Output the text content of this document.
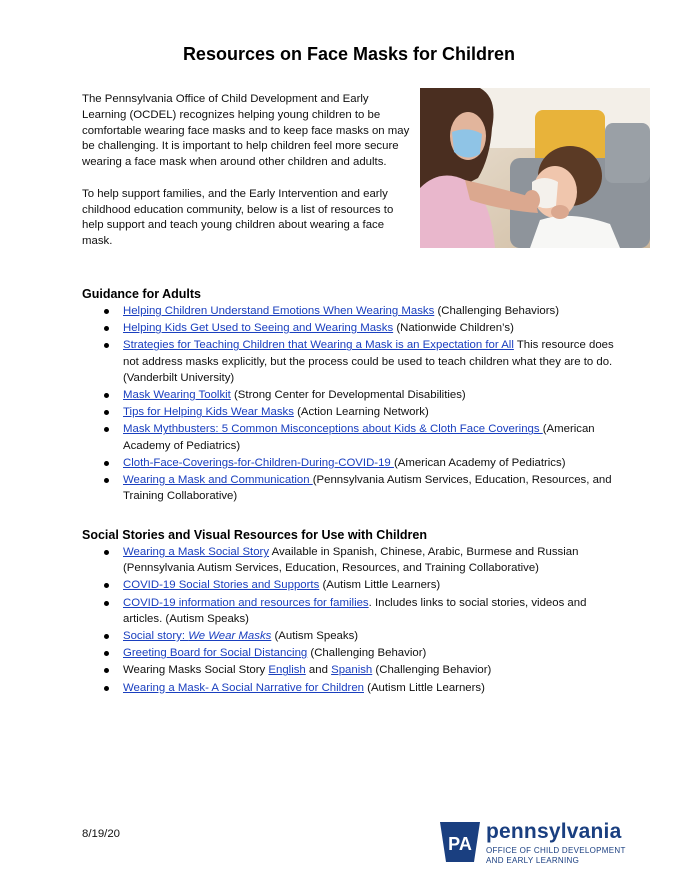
Resources on Face Masks for Children

The Pennsylvania Office of Child Development and Early Learning (OCDEL) recognizes helping young children to be comfortable wearing face masks and to keep face masks on may be challenging. It is important to help children feel more secure wearing a face mask when around other children and adults.

To help support families, and the Early Intervention and early childhood education community, below is a list of resources to help support and teach young children about wearing a face mask.

Guidance for Adults
Helping Children Understand Emotions When Wearing Masks (Challenging Behaviors)
Helping Kids Get Used to Seeing and Wearing Masks (Nationwide Children’s)
Strategies for Teaching Children that Wearing a Mask is an Expectation for All This resource does not address masks explicitly, but the process could be used to teach children what they are to do. (Vanderbilt University)
Mask Wearing Toolkit (Strong Center for Developmental Disabilities)
Tips for Helping Kids Wear Masks (Action Learning Network)
Mask Mythbusters: 5 Common Misconceptions about Kids & Cloth Face Coverings (American Academy of Pediatrics)
Cloth-Face-Coverings-for-Children-During-COVID-19 (American Academy of Pediatrics)
Wearing a Mask and Communication (Pennsylvania Autism Services, Education, Resources, and Training Collaborative)
Social Stories and Visual Resources for Use with Children
Wearing a Mask Social Story Available in Spanish, Chinese, Arabic, Burmese and Russian (Pennsylvania Autism Services, Education, Resources, and Training Collaborative)
COVID-19 Social Stories and Supports (Autism Little Learners)
COVID-19 information and resources for families. Includes links to social stories, videos and articles. (Autism Speaks)
Social story: We Wear Masks (Autism Speaks)
Greeting Board for Social Distancing (Challenging Behavior)
Wearing Masks Social Story English and Spanish (Challenging Behavior)
Wearing a Mask- A Social Narrative for Children (Autism Little Learners)
8/19/20	PA
pennsylvania
OFFICE OF CHILD DEVELOPMENT
AND EARLY LEARNING
